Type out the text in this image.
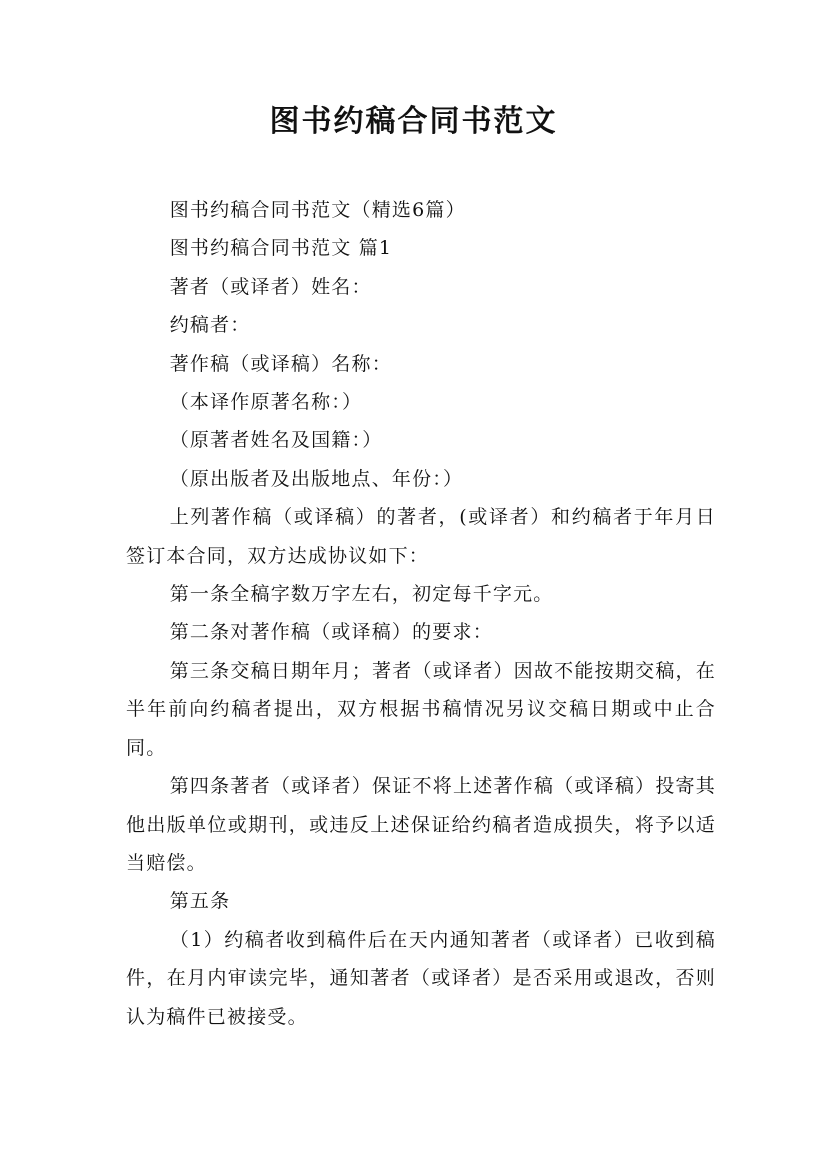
图书约稿合同书范文

图书约稿合同书范文（精选6篇）

图书约稿合同书范文 篇1

著者（或译者）姓名：

约稿者：

著作稿（或译稿）名称：

（本译作原著名称：）

（原著者姓名及国籍：）

（原出版者及出版地点、年份：）

上列著作稿（或译稿）的著者，(或译者）和约稿者于年月日签订本合同，双方达成协议如下：

第一条全稿字数万字左右，初定每千字元。

第二条对著作稿（或译稿）的要求：

第三条交稿日期年月；著者（或译者）因故不能按期交稿，在半年前向约稿者提出，双方根据书稿情况另议交稿日期或中止合同。

第四条著者（或译者）保证不将上述著作稿（或译稿）投寄其他出版单位或期刊，或违反上述保证给约稿者造成损失，将予以适当赔偿。

第五条

（1）约稿者收到稿件后在天内通知著者（或译者）已收到稿件，在月内审读完毕，通知著者（或译者）是否采用或退改，否则认为稿件已被接受。
